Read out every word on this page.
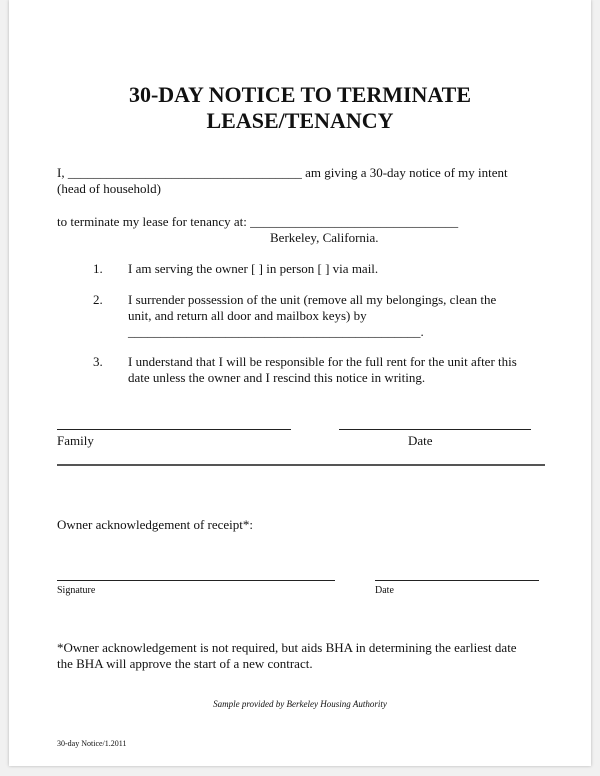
30-DAY NOTICE TO TERMINATE
LEASE/TENANCY
I, ____________________________________ am giving a 30-day notice of my intent
(head of household)
to terminate my lease for tenancy at: ________________________________
Berkeley, California.
1. I am serving the owner [ ] in person [ ] via mail.
2. I surrender possession of the unit (remove all my belongings, clean the
unit, and return all door and mailbox keys) by
_____________________________________________.
3. I understand that I will be responsible for the full rent for the unit after this
date unless the owner and I rescind this notice in writing.
Family	Date
Owner acknowledgement of receipt*:
Signature	Date
*Owner acknowledgement is not required, but aids BHA in determining the earliest date
the BHA will approve the start of a new contract.
Sample provided by Berkeley Housing Authority
30-day Notice/1.2011
